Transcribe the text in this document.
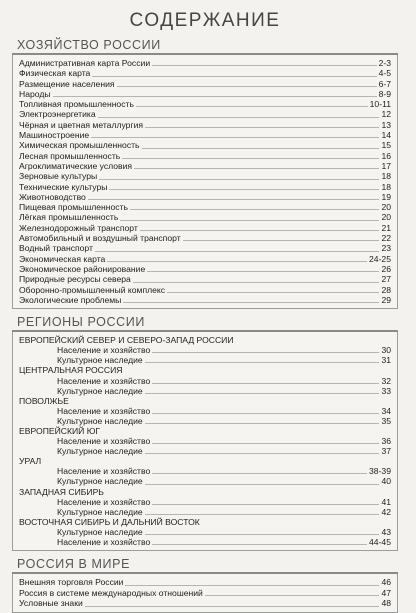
СОДЕРЖАНИЕ
ХОЗЯЙСТВО РОССИИ
Административная карта России	2-3
Физическая карта	4-5
Размещение населения	6-7
Народы	8-9
Топливная промышленность	10-11
Электроэнергетика	12
Чёрная и цветная металлургия	13
Машиностроение	14
Химическая промышленность	15
Лесная промышленность	16
Агроклиматические условия	17
Зерновые культуры	18
Технические культуры	18
Животноводство	19
Пищевая промышленность	20
Лёгкая промышленность	20
Железнодорожный транспорт	21
Автомобильный и воздушный транспорт	22
Водный транспорт	23
Экономическая карта	24-25
Экономическое районирование	26
Природные ресурсы севера	27
Оборонно-промышленный комплекс	28
Экологические проблемы	29
РЕГИОНЫ РОССИИ
ЕВРОПЕЙСКИЙ СЕВЕР И СЕВЕРО-ЗАПАД РОССИИ
Население и хозяйство	30
Культурное наследие	31
ЦЕНТРАЛЬНАЯ РОССИЯ
Население и хозяйство	32
Культурное наследие	33
ПОВОЛЖЬЕ
Население и хозяйство	34
Культурное наследие	35
ЕВРОПЕЙСКИЙ ЮГ
Население и хозяйство	36
Культурное наследие	37
УРАЛ
Население и хозяйство	38-39
Культурное наследие	40
ЗАПАДНАЯ СИБИРЬ
Население и хозяйство	41
Культурное наследие	42
ВОСТОЧНАЯ СИБИРЬ И ДАЛЬНИЙ ВОСТОК
Культурное наследие	43
Население и хозяйство	44-45
РОССИЯ В МИРЕ
Внешняя торговля России	46
Россия в системе международных отношений	47
Условные знаки	48
